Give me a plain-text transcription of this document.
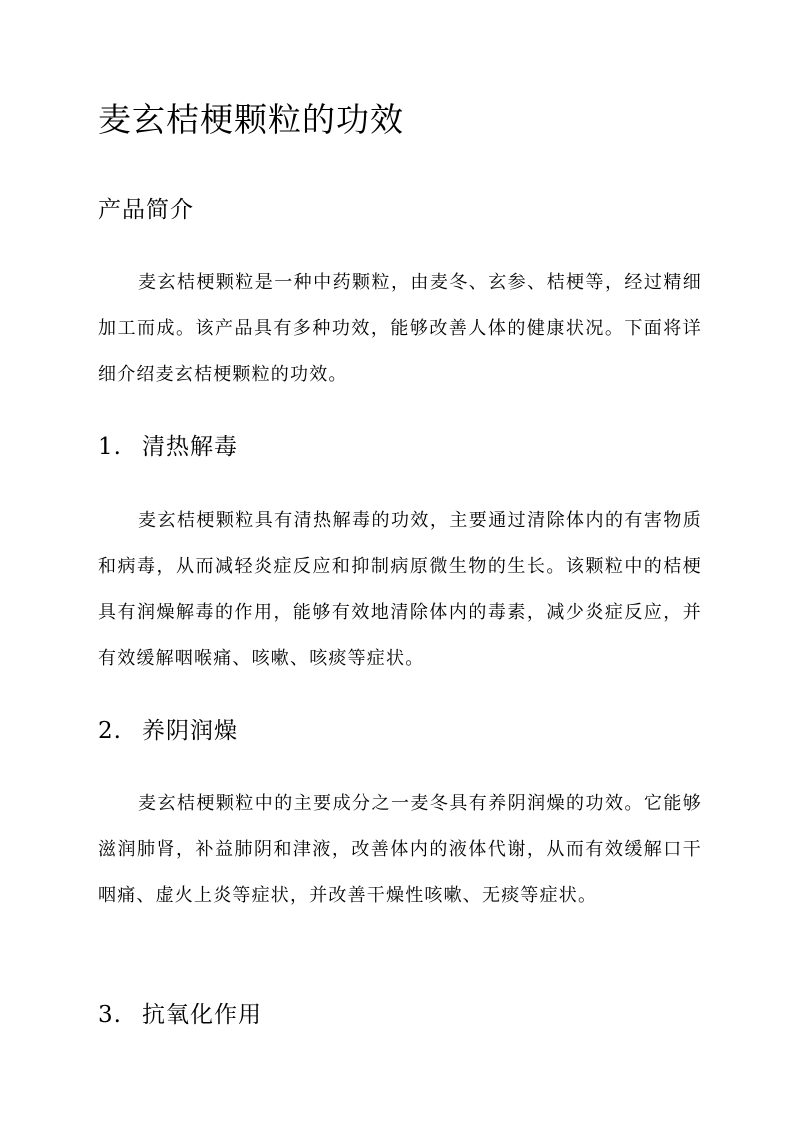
麦玄桔梗颗粒的功效
产品简介

麦玄桔梗颗粒是一种中药颗粒，由麦冬、玄参、桔梗等，经过精细加工而成。该产品具有多种功效，能够改善人体的健康状况。下面将详细介绍麦玄桔梗颗粒的功效。

1. 清热解毒

麦玄桔梗颗粒具有清热解毒的功效，主要通过清除体内的有害物质和病毒，从而减轻炎症反应和抑制病原微生物的生长。该颗粒中的桔梗具有润燥解毒的作用，能够有效地清除体内的毒素，减少炎症反应，并有效缓解咽喉痛、咳嗽、咳痰等症状。

2. 养阴润燥

麦玄桔梗颗粒中的主要成分之一麦冬具有养阴润燥的功效。它能够滋润肺肾，补益肺阴和津液，改善体内的液体代谢，从而有效缓解口干咽痛、虚火上炎等症状，并改善干燥性咳嗽、无痰等症状。

3. 抗氧化作用
